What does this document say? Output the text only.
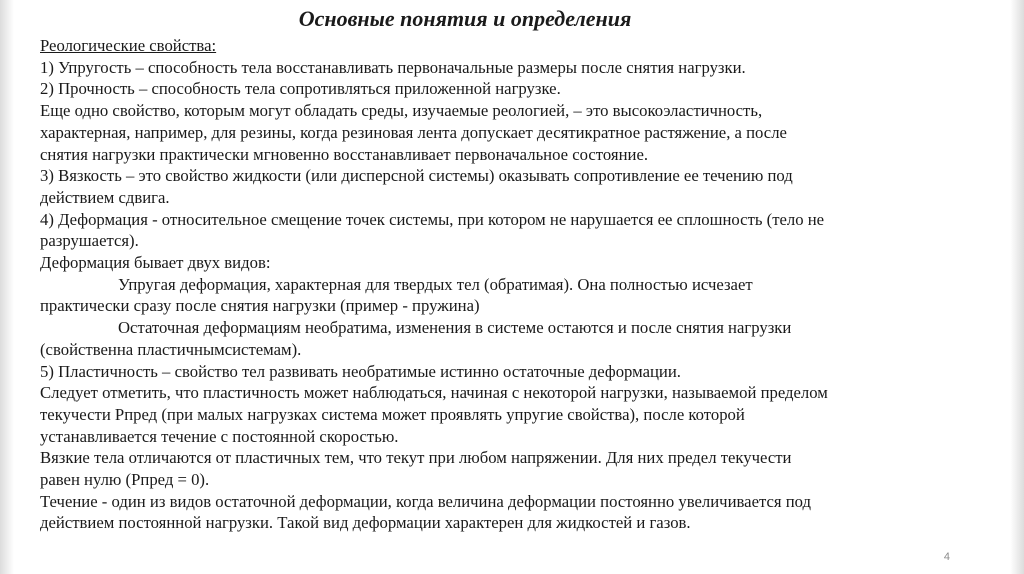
Основные понятия и определения
Реологические свойства:
1) Упругость – способность тела восстанавливать первоначальные размеры после снятия нагрузки.
2) Прочность – способность тела сопротивляться приложенной нагрузке.
Еще одно свойство, которым могут обладать среды, изучаемые реологией, – это высокоэластичность,
характерная, например, для резины, когда резиновая лента допускает десятикратное растяжение, а после
снятия нагрузки практически мгновенно восстанавливает первоначальное состояние.
3) Вязкость – это свойство жидкости (или дисперсной системы) оказывать сопротивление ее течению под
действием сдвига.
4) Деформация - относительное смещение точек системы, при котором не нарушается ее сплошность (тело не
разрушается).
Деформация бывает двух видов:
Упругая деформация, характерная для твердых тел (обратимая). Она полностью исчезает
практически сразу после снятия нагрузки (пример - пружина)
Остаточная деформациям необратима, изменения в системе остаются и после снятия нагрузки
(свойственна пластичнымсистемам).
5) Пластичность – свойство тел развивать необратимые истинно остаточные деформации.
Следует отметить, что пластичность может наблюдаться, начиная с некоторой нагрузки, называемой пределом
текучести Рпред (при малых нагрузках система может проявлять упругие свойства), после которой
устанавливается течение с постоянной скоростью.
Вязкие тела отличаются от пластичных тем, что текут при любом напряжении. Для них предел текучести
равен нулю (Рпред = 0).
Течение - один из видов остаточной деформации, когда величина деформации постоянно увеличивается под
действием постоянной нагрузки. Такой вид деформации характерен для жидкостей и газов.
4
